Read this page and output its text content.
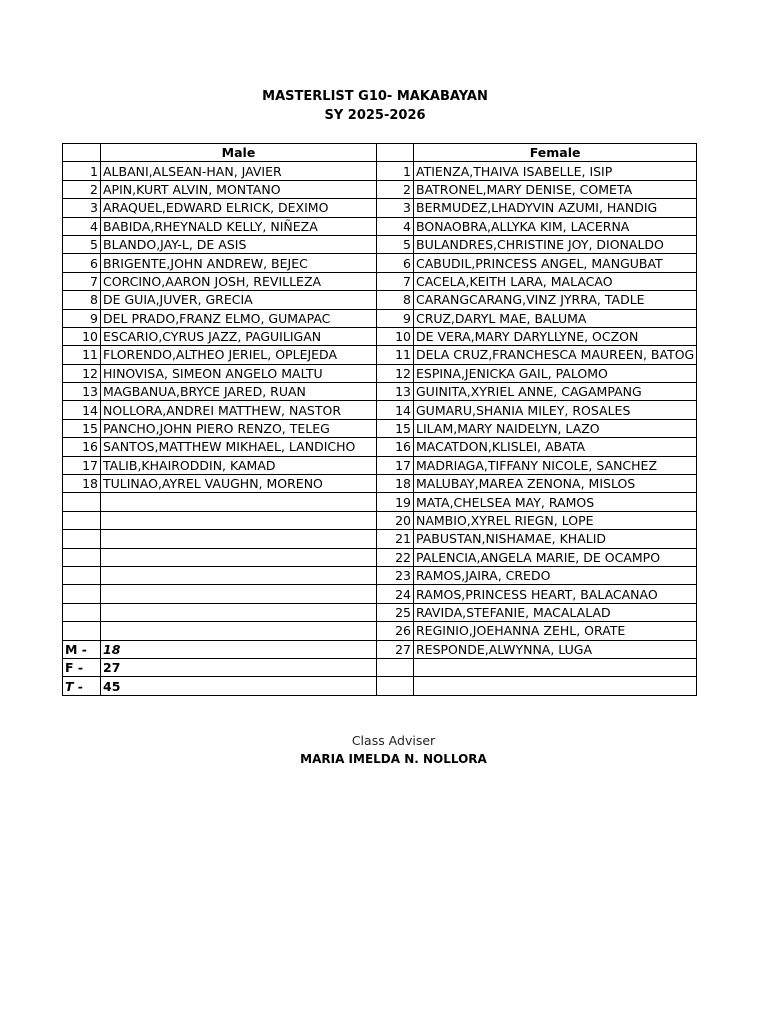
MASTERLIST G10- MAKABAYAN
SY 2025-2026
	Male		Female
1	ALBANI,ALSEAN-HAN, JAVIER	1	ATIENZA,THAIVA ISABELLE, ISIP
2	APIN,KURT ALVIN, MONTANO	2	BATRONEL,MARY DENISE, COMETA
3	ARAQUEL,EDWARD ELRICK, DEXIMO	3	BERMUDEZ,LHADYVIN AZUMI, HANDIG
4	BABIDA,RHEYNALD KELLY, NIÑEZA	4	BONAOBRA,ALLYKA KIM, LACERNA
5	BLANDO,JAY-L, DE ASIS	5	BULANDRES,CHRISTINE JOY, DIONALDO
6	BRIGENTE,JOHN ANDREW, BEJEC	6	CABUDIL,PRINCESS ANGEL, MANGUBAT
7	CORCINO,AARON JOSH, REVILLEZA	7	CACELA,KEITH LARA, MALACAO
8	DE GUIA,JUVER, GRECIA	8	CARANGCARANG,VINZ JYRRA, TADLE
9	DEL PRADO,FRANZ ELMO, GUMAPAC	9	CRUZ,DARYL MAE, BALUMA
10	ESCARIO,CYRUS JAZZ, PAGUILIGAN	10	DE VERA,MARY DARYLLYNE, OCZON
11	FLORENDO,ALTHEO JERIEL, OPLEJEDA	11	DELA CRUZ,FRANCHESCA MAUREEN, BATOG
12	HINOVISA, SIMEON ANGELO MALTU	12	ESPINA,JENICKA GAIL, PALOMO
13	MAGBANUA,BRYCE JARED, RUAN	13	GUINITA,XYRIEL ANNE, CAGAMPANG
14	NOLLORA,ANDREI MATTHEW, NASTOR	14	GUMARU,SHANIA MILEY, ROSALES
15	PANCHO,JOHN PIERO RENZO, TELEG	15	LILAM,MARY NAIDELYN, LAZO
16	SANTOS,MATTHEW MIKHAEL, LANDICHO	16	MACATDON,KLISLEI, ABATA
17	TALIB,KHAIRODDIN, KAMAD	17	MADRIAGA,TIFFANY NICOLE, SANCHEZ
18	TULINAO,AYREL VAUGHN, MORENO	18	MALUBAY,MAREA ZENONA, MISLOS
		19	MATA,CHELSEA MAY, RAMOS
		20	NAMBIO,XYREL RIEGN, LOPE
		21	PABUSTAN,NISHAMAE, KHALID
		22	PALENCIA,ANGELA MARIE, DE OCAMPO
		23	RAMOS,JAIRA, CREDO
		24	RAMOS,PRINCESS HEART, BALACANAO
		25	RAVIDA,STEFANIE, MACALALAD
		26	REGINIO,JOEHANNA ZEHL, ORATE
M -	18	27	RESPONDE,ALWYNNA, LUGA
F -	27		
T -	45		
Class Adviser
MARIA IMELDA N. NOLLORA
